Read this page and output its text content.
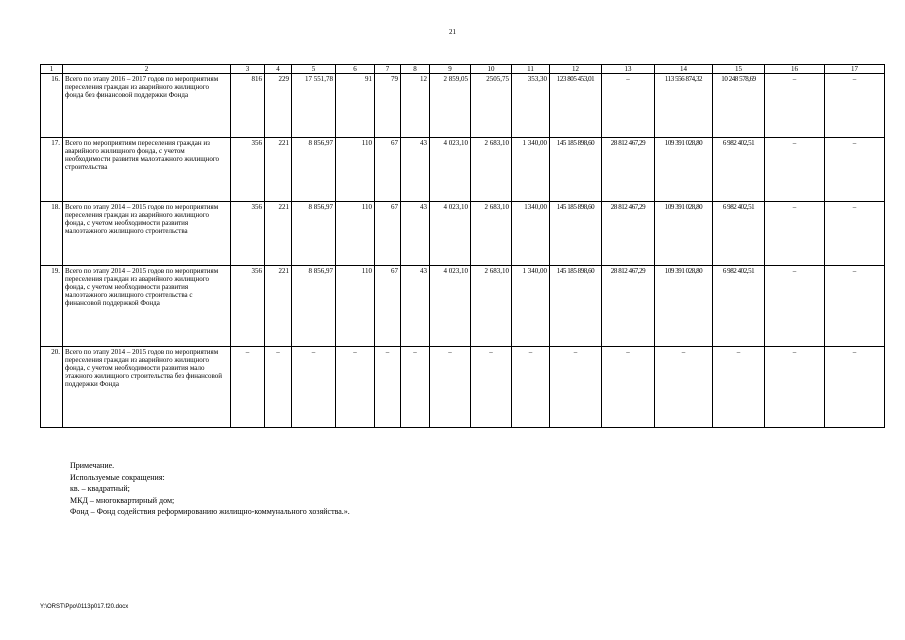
21
1	2	3	4	5	6	7	8	9	10	11	12	13	14	15	16	17
16.	Всего по этапу 2016 – 2017 годов по мероприятиям переселения граждан из аварийного жилищного фонда без финансовой поддержки Фонда	816	229	17 551,78	91	79	12	2 859,05	2505,75	353,30	123 805 453,01	–	113 556 874,32	10 248 578,69	–	–
17.	Всего по мероприятиям переселения граждан из аварийного жилищного фонда, с учетом необходимости развития малоэтажного жилищного строительства	356	221	8 856,97	110	67	43	4 023,10	2 683,10	1 340,00	145 185 898,60	28 812 467,29	109 391 028,80	6 982 402,51	–	–
18.	Всего по этапу 2014 – 2015 годов по мероприятиям переселения граждан из аварийного жилищного фонда, с учетом необходимости развития малоэтажного жилищного строительства	356	221	8 856,97	110	67	43	4 023,10	2 683,10	1340,00	145 185 898,60	28 812 467,29	109 391 028,80	6 982 402,51	–	–
19.	Всего по этапу 2014 – 2015 годов по мероприятиям переселения граждан из аварийного жилищного фонда, с учетом необходимости развития малоэтажного жилищного строительства с финансовой поддержкой Фонда	356	221	8 856,97	110	67	43	4 023,10	2 683,10	1 340,00	145 185 898,60	28 812 467,29	109 391 028,80	6 982 402,51	–	–
20.	Всего по этапу 2014 – 2015 годов по мероприятиям переселения граждан из аварийного жилищного фонда, с учетом необходимости развития мало этажного жилищного строительства без финансовой поддержки Фонда	–	–	–	–	–	–	–	–	–	–	–	–	–	–	–
Примечание.
Используемые сокращения:
кв. – квадратный;
МКД – многоквартирный дом;
Фонд – Фонд содействия реформированию жилищно-коммунального хозяйства.».
Y:\ORST\Ppo\0113p017.f20.docx
